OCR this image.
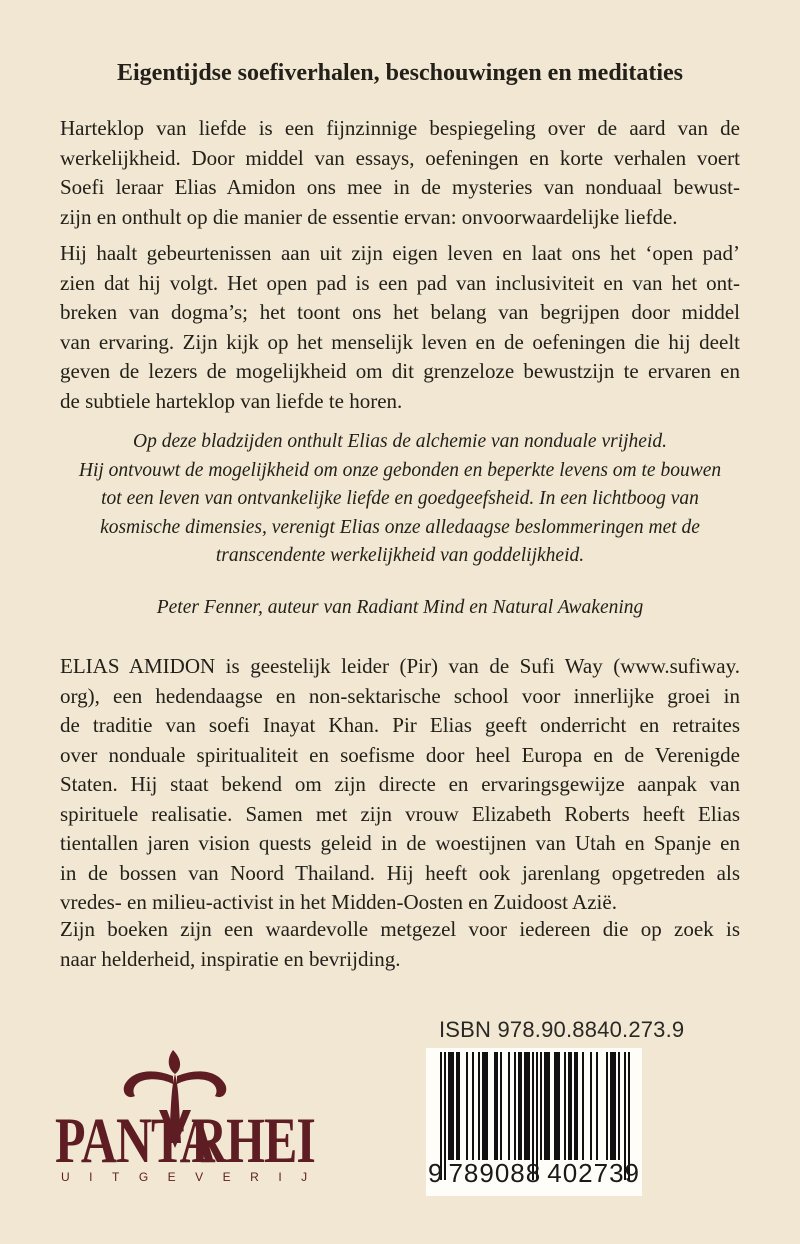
Eigentijdse soefiverhalen, beschouwingen en meditaties
Harteklop van liefde is een fijnzinnige bespiegeling over de aard van de
werkelijkheid. Door middel van essays, oefeningen en korte verhalen voert
Soefi leraar Elias Amidon ons mee in de mysteries van nonduaal bewust-
zijn en onthult op die manier de essentie ervan: onvoorwaardelijke liefde.
Hij haalt gebeurtenissen aan uit zijn eigen leven en laat ons het ‘open pad’
zien dat hij volgt. Het open pad is een pad van inclusiviteit en van het ont-
breken van dogma’s; het toont ons het belang van begrijpen door middel
van ervaring. Zijn kijk op het menselijk leven en de oefeningen die hij deelt
geven de lezers de mogelijkheid om dit grenzeloze bewustzijn te ervaren en
de subtiele harteklop van liefde te horen.
Op deze bladzijden onthult Elias de alchemie van nonduale vrijheid.
Hij ontvouwt de mogelijkheid om onze gebonden en beperkte levens om te bouwen
tot een leven van ontvankelijke liefde en goedgeefsheid. In een lichtboog van
kosmische dimensies, verenigt Elias onze alledaagse beslommeringen met de
transcendente werkelijkheid van goddelijkheid.

Peter Fenner, auteur van Radiant Mind en Natural Awakening

ELIAS AMIDON is geestelijk leider (Pir) van de Sufi Way (www.sufiway.
org), een hedendaagse en non-sektarische school voor innerlijke groei in
de traditie van soefi Inayat Khan. Pir Elias geeft onderricht en retraites
over nonduale spiritualiteit en soefisme door heel Europa en de Verenigde
Staten. Hij staat bekend om zijn directe en ervaringsgewijze aanpak van
spirituele realisatie. Samen met zijn vrouw Elizabeth Roberts heeft Elias
tientallen jaren vision quests geleid in de woestijnen van Utah en Spanje en
in de bossen van Noord Thailand. Hij heeft ook jarenlang opgetreden als
vredes- en milieu-activist in het Midden-Oosten en Zuidoost Azië.
Zijn boeken zijn een waardevolle metgezel voor iedereen die op zoek is
naar helderheid, inspiratie en bevrijding.
PANTA
RHEI
UITGEVERIJ
ISBN 978.90.8840.273.9
9 789088 402739
